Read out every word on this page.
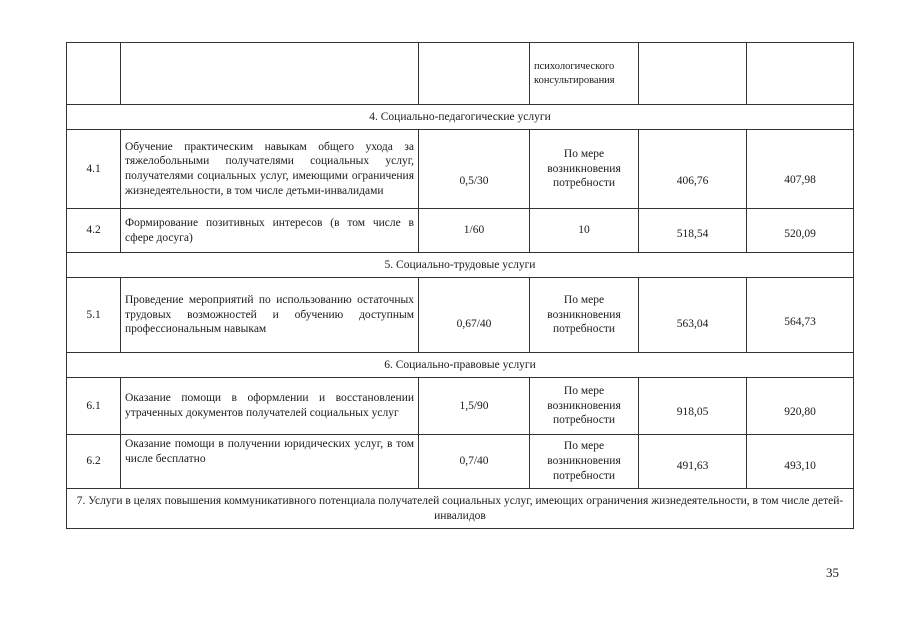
			психологического консультирования		
4. Социально-педагогические услуги					
4.1	Обучение практическим навыкам общего ухода за тяжелобольными получателями социальных услуг, получателями социальных услуг, имеющими ограничения жизнедеятельности, в том числе детьми-инвалидами	0,5/30	По мере возникновения потребности	406,76	407,98
4.2	Формирование позитивных интересов (в том числе в сфере досуга)	1/60	10	518,54	520,09
5. Социально-трудовые услуги					
5.1	Проведение мероприятий по использованию остаточных трудовых возможностей и обучению доступным профессиональным навыкам	0,67/40	По мере возникновения потребности	563,04	564,73
6. Социально-правовые услуги					
6.1	Оказание помощи в оформлении и восстановлении утраченных документов получателей социальных услуг	1,5/90	По мере возникновения потребности	918,05	920,80
6.2	Оказание помощи в получении юридических услуг, в том числе бесплатно	0,7/40	По мере возникновения потребности	491,63	493,10
7. Услуги в целях повышения коммуникативного потенциала получателей социальных услуг, имеющих ограничения жизнедеятельности, в том числе детей-инвалидов					
35
